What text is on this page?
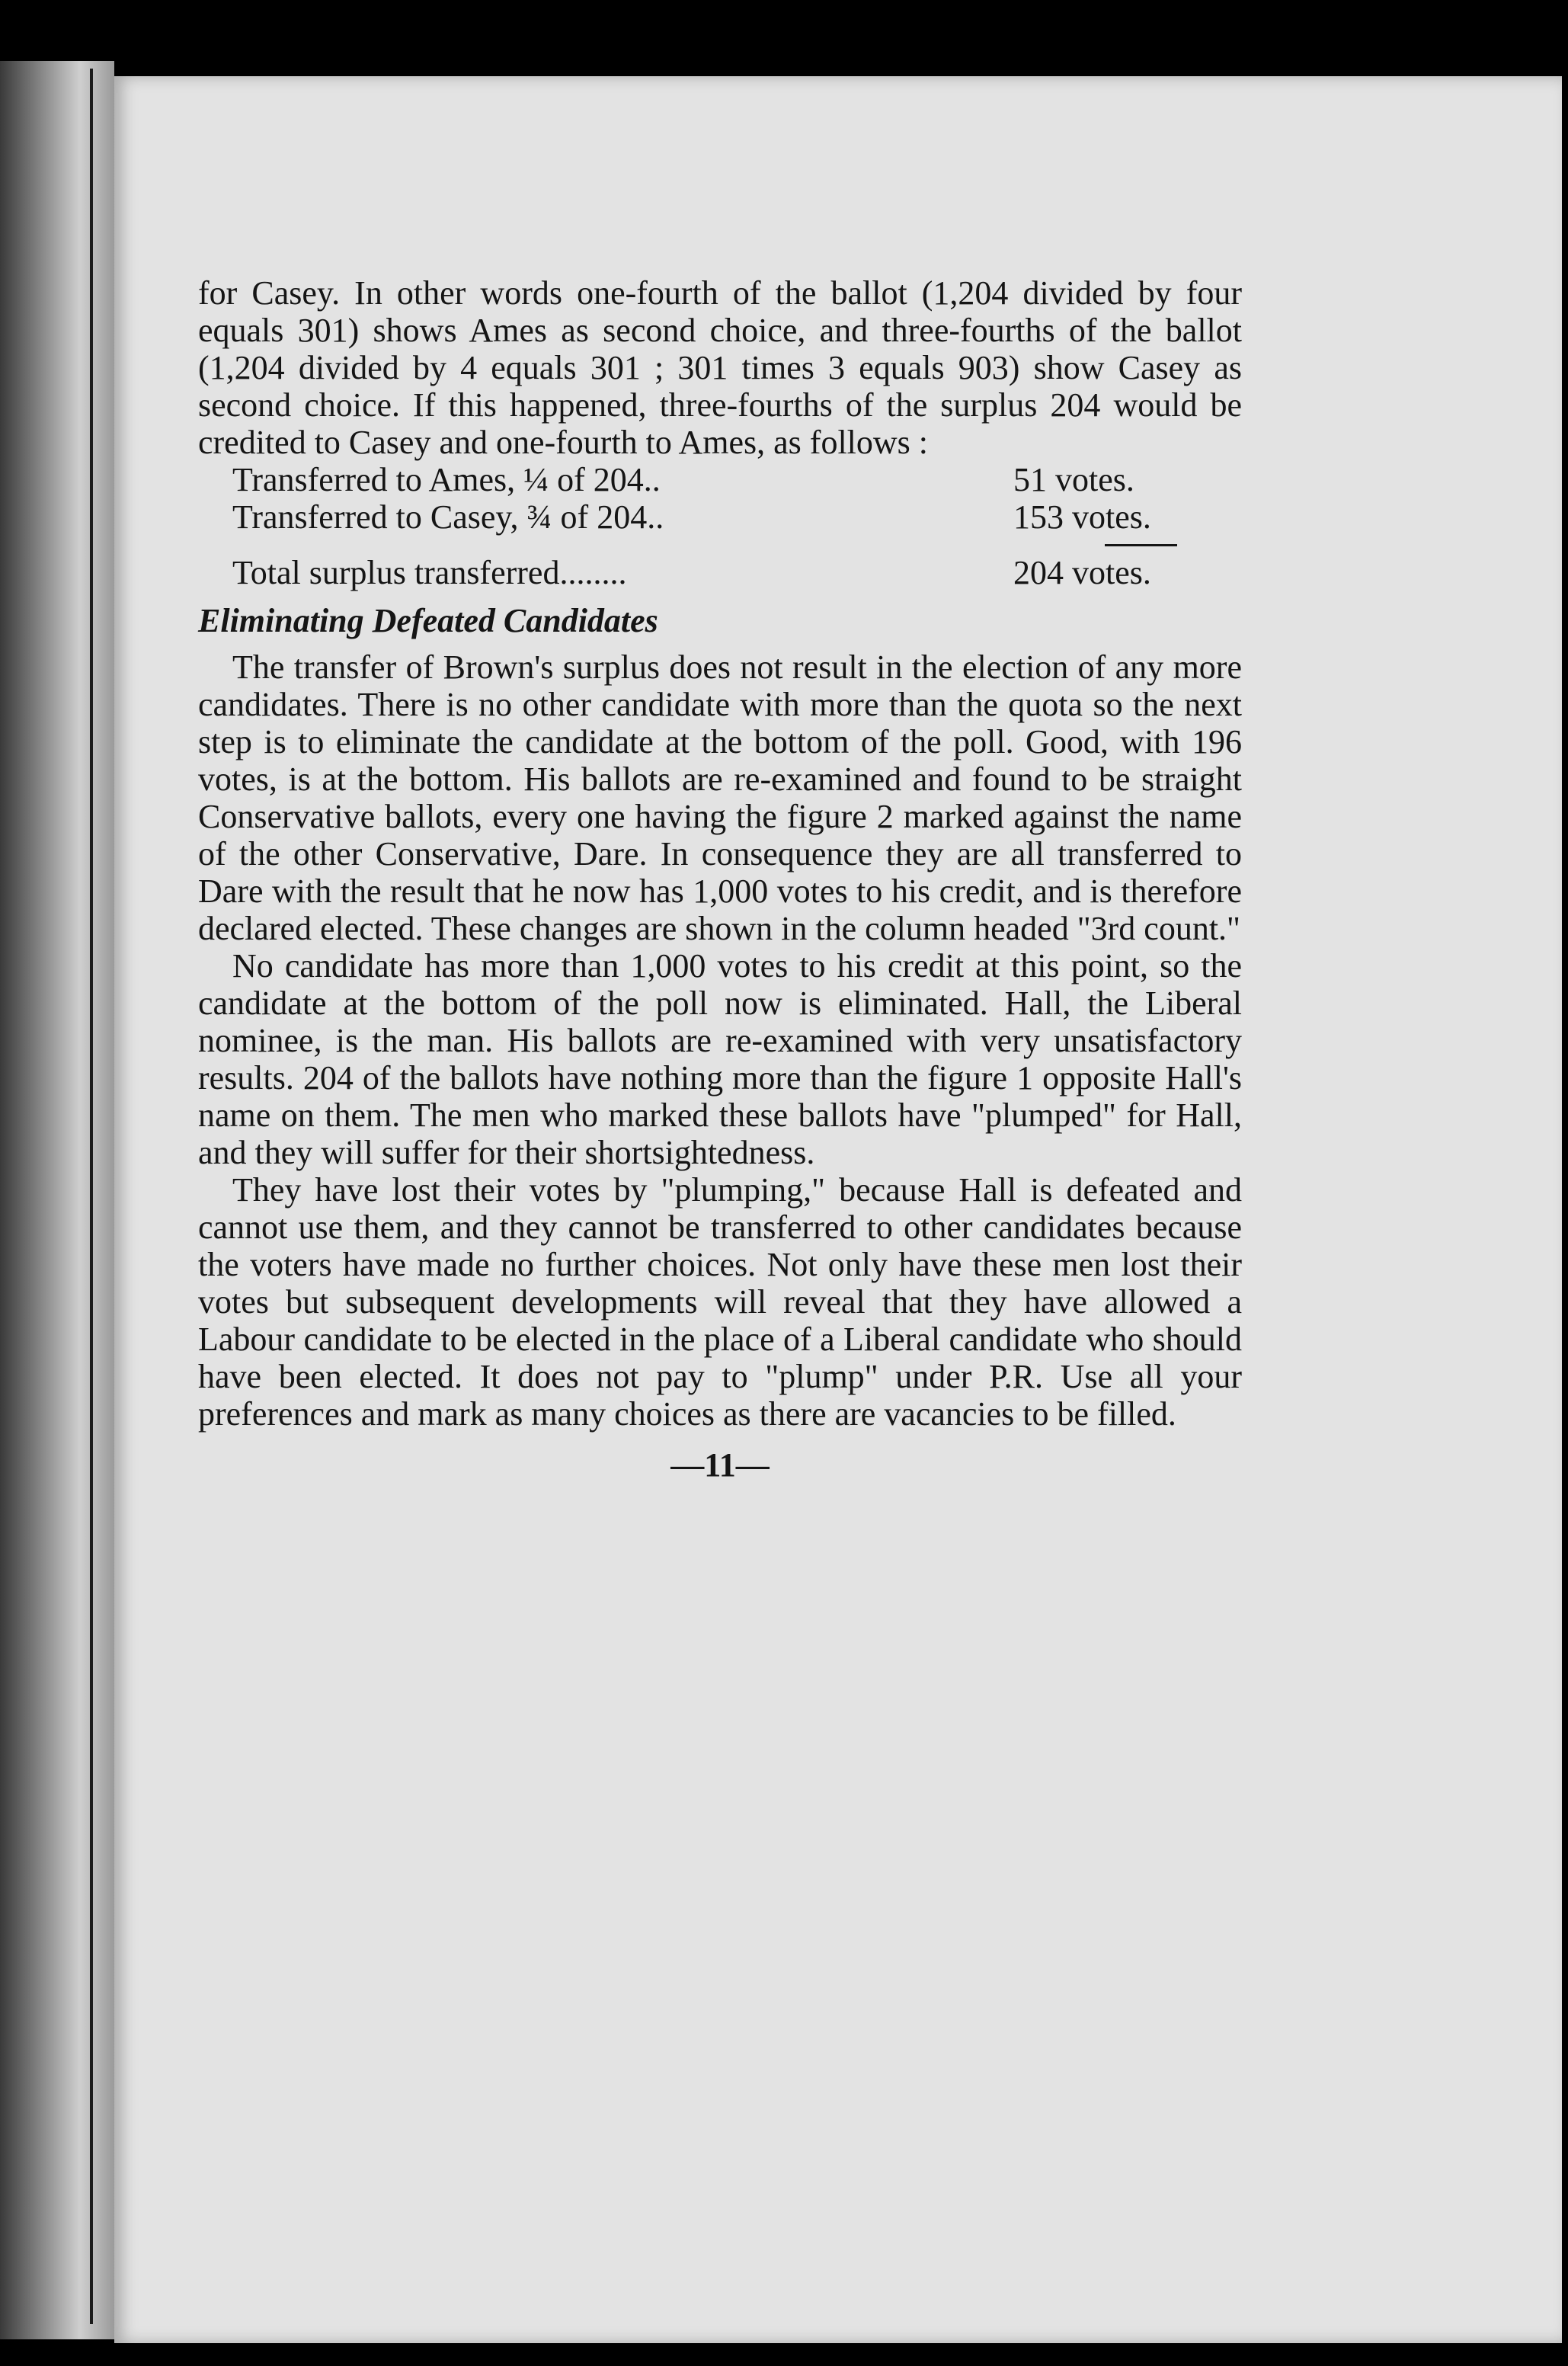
for Casey. In other words one-fourth of the ballot (1,204 divided by four equals 301) shows Ames as second choice, and three-fourths of the ballot (1,204 divided by 4 equals 301 ; 301 times 3 equals 903) show Casey as second choice. If this happened, three-fourths of the surplus 204 would be credited to Casey and one-fourth to Ames, as follows :

Transferred to Ames, ¼ of 204..	51 votes.
Transferred to Casey, ¾ of 204..	153 votes.
Total surplus transferred........	204 votes.
Eliminating Defeated Candidates

The transfer of Brown's surplus does not result in the election of any more candidates. There is no other candidate with more than the quota so the next step is to eliminate the candidate at the bottom of the poll. Good, with 196 votes, is at the bottom. His ballots are re-examined and found to be straight Conservative ballots, every one having the figure 2 marked against the name of the other Conservative, Dare. In consequence they are all transferred to Dare with the result that he now has 1,000 votes to his credit, and is therefore declared elected. These changes are shown in the column headed "3rd count."

No candidate has more than 1,000 votes to his credit at this point, so the candidate at the bottom of the poll now is eliminated. Hall, the Liberal nominee, is the man. His ballots are re-examined with very unsatisfactory results. 204 of the ballots have nothing more than the figure 1 opposite Hall's name on them. The men who marked these ballots have "plumped" for Hall, and they will suffer for their shortsightedness.

They have lost their votes by "plumping," because Hall is defeated and cannot use them, and they cannot be transferred to other candidates because the voters have made no further choices. Not only have these men lost their votes but subsequent developments will reveal that they have allowed a Labour candidate to be elected in the place of a Liberal candidate who should have been elected. It does not pay to "plump" under P.R. Use all your preferences and mark as many choices as there are vacancies to be filled.

—11—
